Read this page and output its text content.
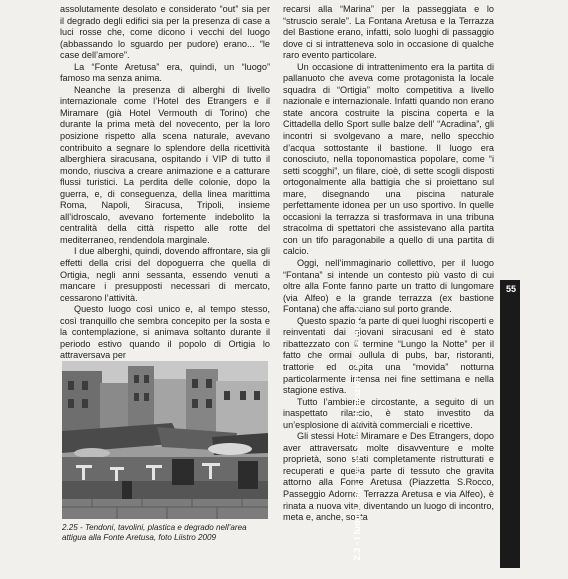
assolutamente desolato e considerato “out” sia per il degrado degli edifici sia per la presenza di case a luci rosse che, come dicono i vecchi del luogo (abbassando lo sguardo per pudore) erano... “le case dell’amore”.

La “Fonte Aretusa” era, quindi, un “luogo” famoso ma senza anima.

Neanche la presenza di alberghi di livello internazionale come l’Hotel des Etrangers e il Miramare (già Hotel Vermouth di Torino) che durante la prima metà del novecento, per la loro posizione rispetto alla scena naturale, avevano contribuito a segnare lo splendore della ricettività alberghiera siracusana, ospitando i VIP di tutto il mondo, riusciva a creare animazione e a catturare flussi turistici. La perdita delle colonie, dopo la guerra, e, di conseguenza, della linea marittima Roma, Napoli, Siracusa, Tripoli, insieme all’idroscalo, avevano fortemente indebolito la centralità della città rispetto alle rotte del mediterraneo, rendendola marginale.

I due alberghi, quindi, dovendo affrontare, sia gli effetti della crisi del dopoguerra che quella di Ortigia, negli anni sessanta, essendo venuti a mancare i presupposti necessari di mercato, cessarono l’attività.

Questo luogo così unico e, al tempo stesso, così tranquillo che sembra concepito per la sosta e la contemplazione, si animava soltanto durante il periodo estivo quando il popolo di Ortigia lo attraversava per

2.25 - Tendoni, tavolini, plastica e degrado nell’area attigua alla Fonte Aretusa, foto Liistro 2009

recarsi alla “Marina” per la passeggiata e lo “struscio serale”. La Fontana Aretusa e la Terrazza del Bastione erano, infatti, solo luoghi di passaggio dove ci si intratteneva solo in occasione di qualche raro evento particolare.

Un occasione di intrattenimento era la partita di pallanuoto che aveva come protagonista la locale squadra di “Ortigia” molto competitiva a livello nazionale e internazionale. Infatti quando non erano state ancora costruite la piscina coperta e la Cittadella dello Sport sulle balze dell’ “Acradina”, gli incontri si svolgevano a mare, nello specchio d’acqua sottostante il bastione. Il luogo era conosciuto, nella toponomastica popolare, come “i setti scogghi”, un filare, cioè, di sette scogli disposti ortogonalmente alla battigia che si proiettano sul mare, disegnando una piscina naturale perfettamente idonea per un uso sportivo. In quelle occasioni la terrazza si trasformava in una tribuna stracolma di spettatori che assistevano alla partita con un tifo paragonabile a quello di una partita di calcio.

Oggi, nell’immaginario collettivo, per il luogo “Fontana” si intende un contesto più vasto di cui oltre alla Fonte fanno parte un tratto di lungomare (via Alfeo) e la grande terrazza (ex bastione Fontana) che affacciano sul porto grande.

Questo spazio fa parte di quei luoghi riscoperti e reinventati dai giovani siracusani ed è stato ribattezzato con il termine “Lungo la Notte” per il fatto che ormai pullula di pubs, bar, ristoranti, trattorie ed ospita una “movida” notturna particolarmente intensa nei fine settimana e nella stagione estiva.

Tutto l’ambiente circostante, a seguito di un inaspettato rilancio, è stato investito da un’esplosione di attività commerciali e ricettive.

Gli stessi Hotel Miramare e Des Etrangers, dopo aver attraversato molte disavventure e molte proprietà, sono stati completamente ristrutturati e recuperati e quella parte di tessuto che gravita attorno alla Fonte Aretusa (Piazzetta S.Rocco, Passeggio Adorno, Terrazza Aretusa e via Alfeo), è rinata a nuova vita, diventando un luogo di incontro, meta e, anche, sosta

55
2.3 - I luoghi degli eventi, delle celebrazioni e della mitologia
